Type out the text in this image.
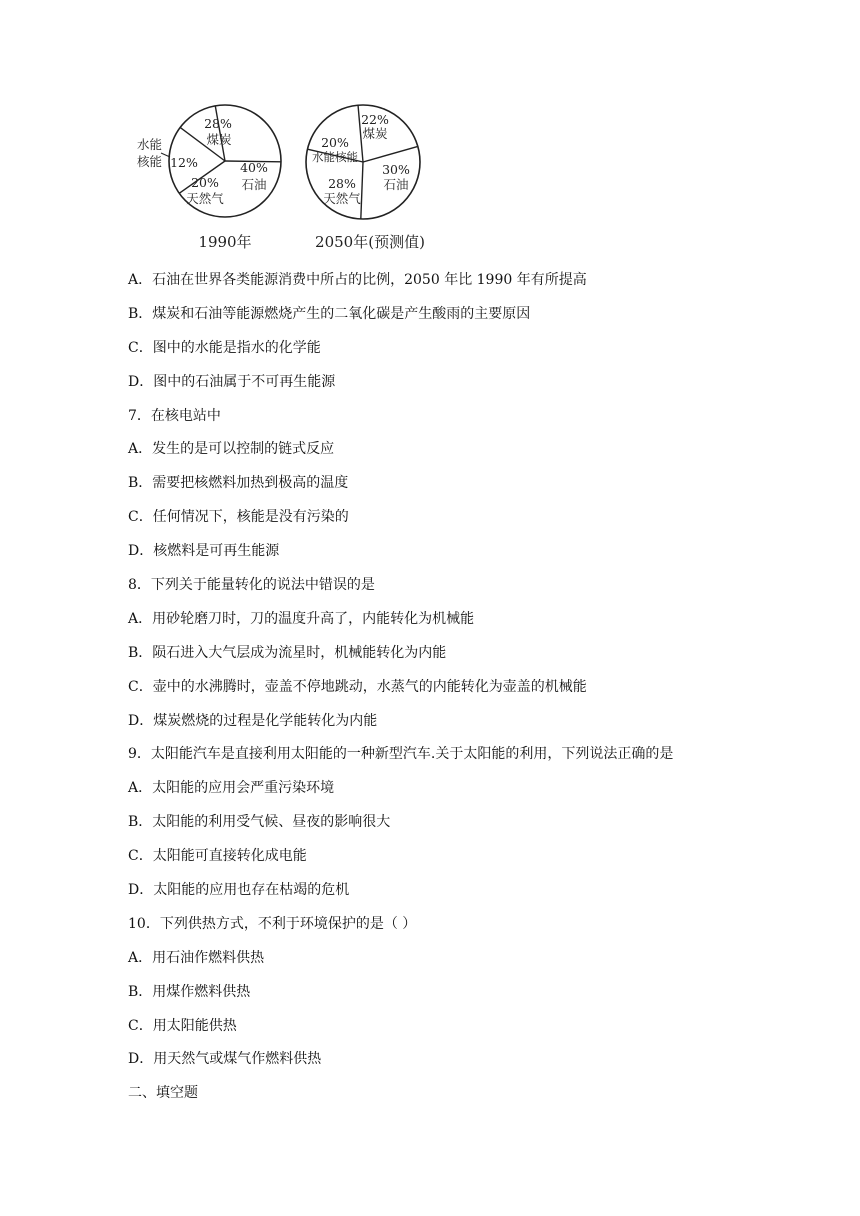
28%
煤炭
40%
石油
20%
天然气
12%
水能
核能
1990年
22%
煤炭
30%
石油
28%
天然气
20%
水能核能
2050年(预测值)
A．石油在世界各类能源消费中所占的比例，2050 年比 1990 年有所提高
B．煤炭和石油等能源燃烧产生的二氧化碳是产生酸雨的主要原因
C．图中的水能是指水的化学能
D．图中的石油属于不可再生能源
7．在核电站中
A．发生的是可以控制的链式反应
B．需要把核燃料加热到极高的温度
C．任何情况下，核能是没有污染的
D．核燃料是可再生能源
8．下列关于能量转化的说法中错误的是
A．用砂轮磨刀时，刀的温度升高了，内能转化为机械能
B．陨石进入大气层成为流星时，机械能转化为内能
C．壶中的水沸腾时，壶盖不停地跳动，水蒸气的内能转化为壶盖的机械能
D．煤炭燃烧的过程是化学能转化为内能
9．太阳能汽车是直接利用太阳能的一种新型汽车.关于太阳能的利用，下列说法正确的是
A．太阳能的应用会严重污染环境
B．太阳能的利用受气候、昼夜的影响很大
C．太阳能可直接转化成电能
D．太阳能的应用也存在枯竭的危机
10．下列供热方式，不利于环境保护的是（ ）
A．用石油作燃料供热
B．用煤作燃料供热
C．用太阳能供热
D．用天然气或煤气作燃料供热
二、填空题
